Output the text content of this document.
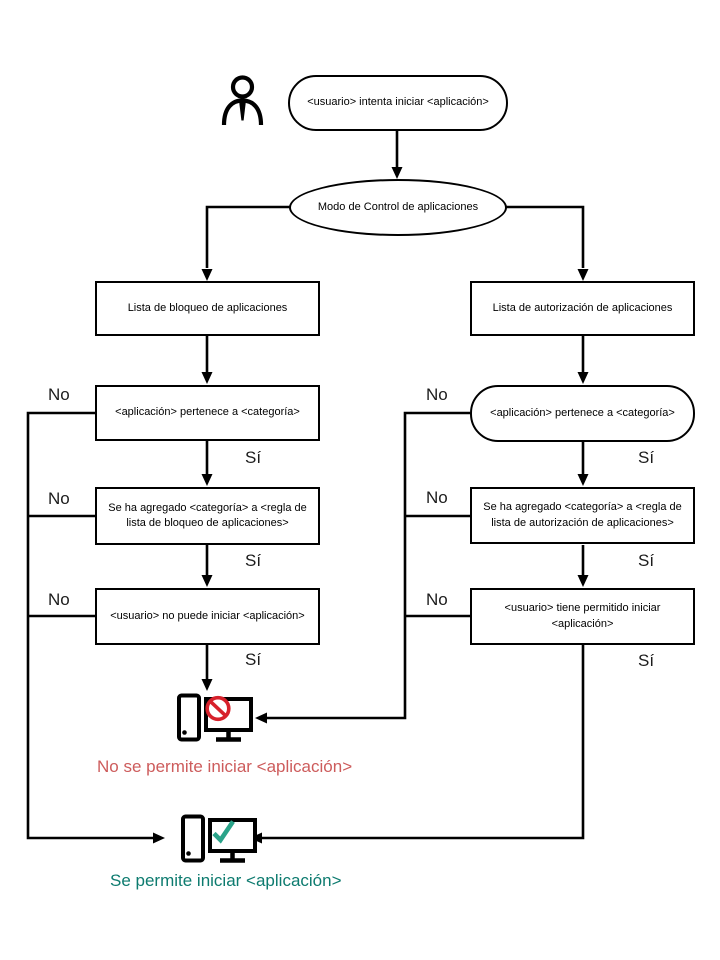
<usuario> intenta iniciar <aplicación>
Modo de Control de aplicaciones
Lista de bloqueo de aplicaciones	Lista de autorización de aplicaciones
<aplicación> pertenece a <categoría>	<aplicación> pertenece a <categoría>
Se ha agregado <categoría> a <regla de lista de bloqueo de aplicaciones>
Se ha agregado <categoría> a <regla de lista de autorización de aplicaciones>
<usuario> no puede iniciar <aplicación>
<usuario> tiene permitido iniciar <aplicación>
No
No
No
No
No
No
Sí
Sí
Sí
Sí
Sí
Sí
No se permite iniciar <aplicación>
Se permite iniciar <aplicación>
